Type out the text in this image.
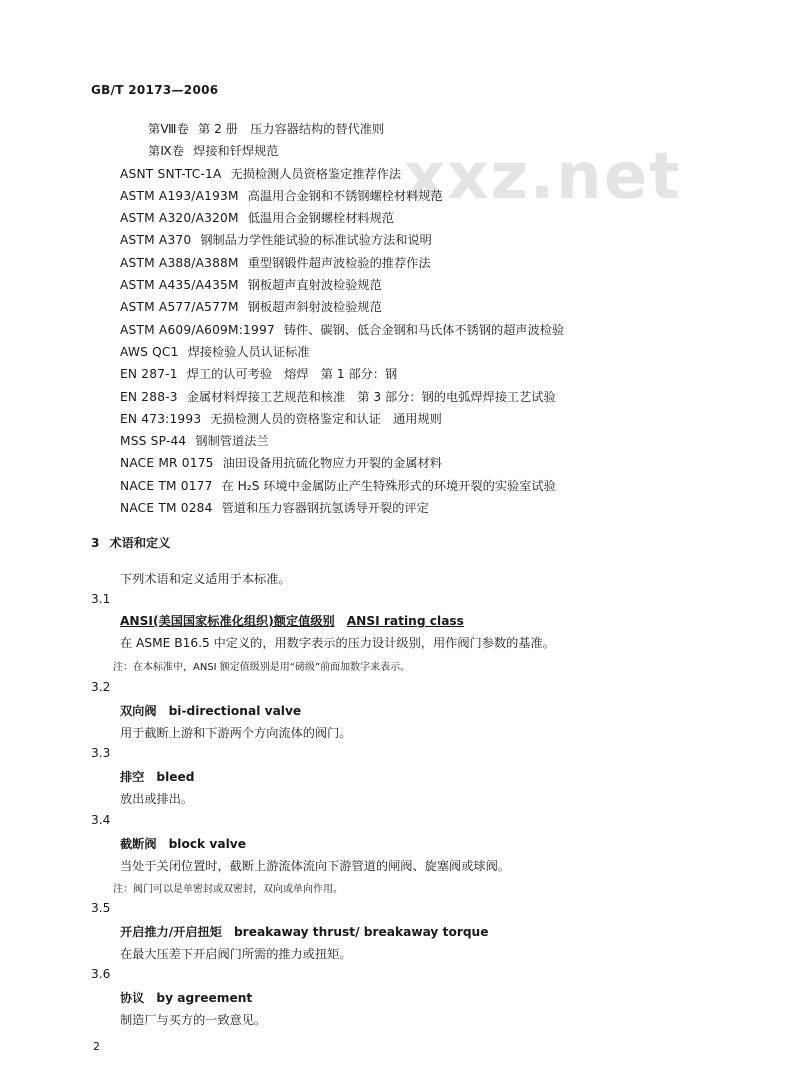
GB/T 20173—2006
xxz.net
第Ⅷ卷 第 2 册　压力容器结构的替代准则
第Ⅸ卷 焊接和钎焊规范
ASNT SNT-TC-1A 无损检测人员资格鉴定推荐作法
ASTM A193/A193M 高温用合金钢和不锈钢螺栓材料规范
ASTM A320/A320M 低温用合金钢螺栓材料规范
ASTM A370 钢制品力学性能试验的标准试验方法和说明
ASTM A388/A388M 重型钢锻件超声波检验的推荐作法
ASTM A435/A435M 钢板超声直射波检验规范
ASTM A577/A577M 钢板超声斜射波检验规范
ASTM A609/A609M:1997 铸件、碳钢、低合金钢和马氏体不锈钢的超声波检验
AWS QC1 焊接检验人员认证标准
EN 287-1 焊工的认可考验　熔焊　第 1 部分：钢
EN 288-3 金属材料焊接工艺规范和核准　第 3 部分：钢的电弧焊焊接工艺试验
EN 473:1993 无损检测人员的资格鉴定和认证　通用规则
MSS SP-44 钢制管道法兰
NACE MR 0175 油田设备用抗硫化物应力开裂的金属材料
NACE TM 0177 在 H₂S 环境中金属防止产生特殊形式的环境开裂的实验室试验
NACE TM 0284 管道和压力容器钢抗氢诱导开裂的评定
3 术语和定义
下列术语和定义适用于本标准。
3.1
ANSI(美国国家标准化组织)额定值级别 ANSI rating class
在 ASME B16.5 中定义的，用数字表示的压力设计级别，用作阀门参数的基准。
注：在本标准中，ANSI 额定值级别是用“磅级”前面加数字来表示。
3.2
双向阀 bi-directional valve
用于截断上游和下游两个方向流体的阀门。
3.3
排空 bleed
放出或排出。
3.4
截断阀 block valve
当处于关闭位置时，截断上游流体流向下游管道的闸阀、旋塞阀或球阀。
注：阀门可以是单密封或双密封，双向或单向作用。
3.5
开启推力/开启扭矩 breakaway thrust/ breakaway torque
在最大压差下开启阀门所需的推力或扭矩。
3.6
协议 by agreement
制造厂与买方的一致意见。
2
